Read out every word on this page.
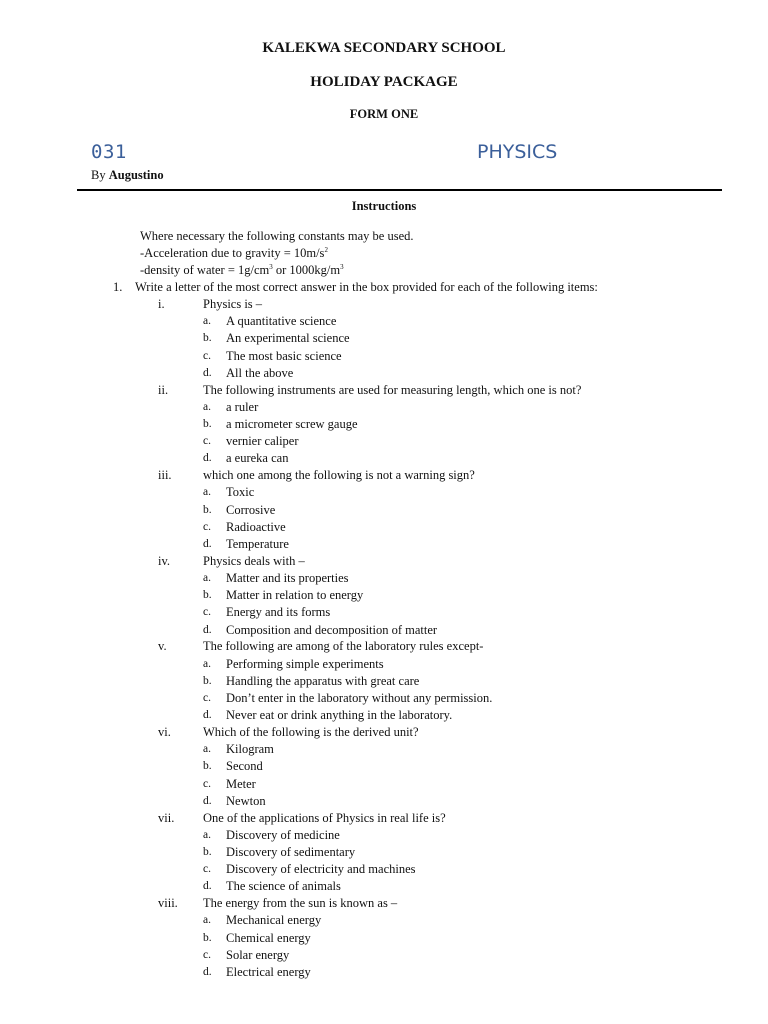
KALEKWA SECONDARY SCHOOL
HOLIDAY PACKAGE
FORM ONE
031	PHYSICS
By Augustino
Instructions
Where necessary the following constants may be used.
-Acceleration due to gravity = $10m/s^2$
-density of water = $1g/cm^3$ or $1000kg/m^3$
1. Write a letter of the most correct answer in the box provided for each of the following items:
i.	Physics is –
a. A quantitative science
b. An experimental science
c. The most basic science
d. All the above
ii.	The following instruments are used for measuring length, which one is not?
a. a ruler
b. a micrometer screw gauge
c. vernier caliper
d. a eureka can
iii.	which one among the following is not a warning sign?
a. Toxic
b. Corrosive
c. Radioactive
d. Temperature
iv.	Physics deals with –
a. Matter and its properties
b. Matter in relation to energy
c. Energy and its forms
d. Composition and decomposition of matter
v.	The following are among of the laboratory rules except-
a. Performing simple experiments
b. Handling the apparatus with great care
c. Don’t enter in the laboratory without any permission.
d. Never eat or drink anything in the laboratory.
vi.	Which of the following is the derived unit?
a. Kilogram
b. Second
c. Meter
d. Newton
vii. One of the applications of Physics in real life is?
a. Discovery of medicine
b. Discovery of sedimentary
c. Discovery of electricity and machines
d. The science of animals
viii. The energy from the sun is known as –
a. Mechanical energy
b. Chemical energy
c. Solar energy
d. Electrical energy
